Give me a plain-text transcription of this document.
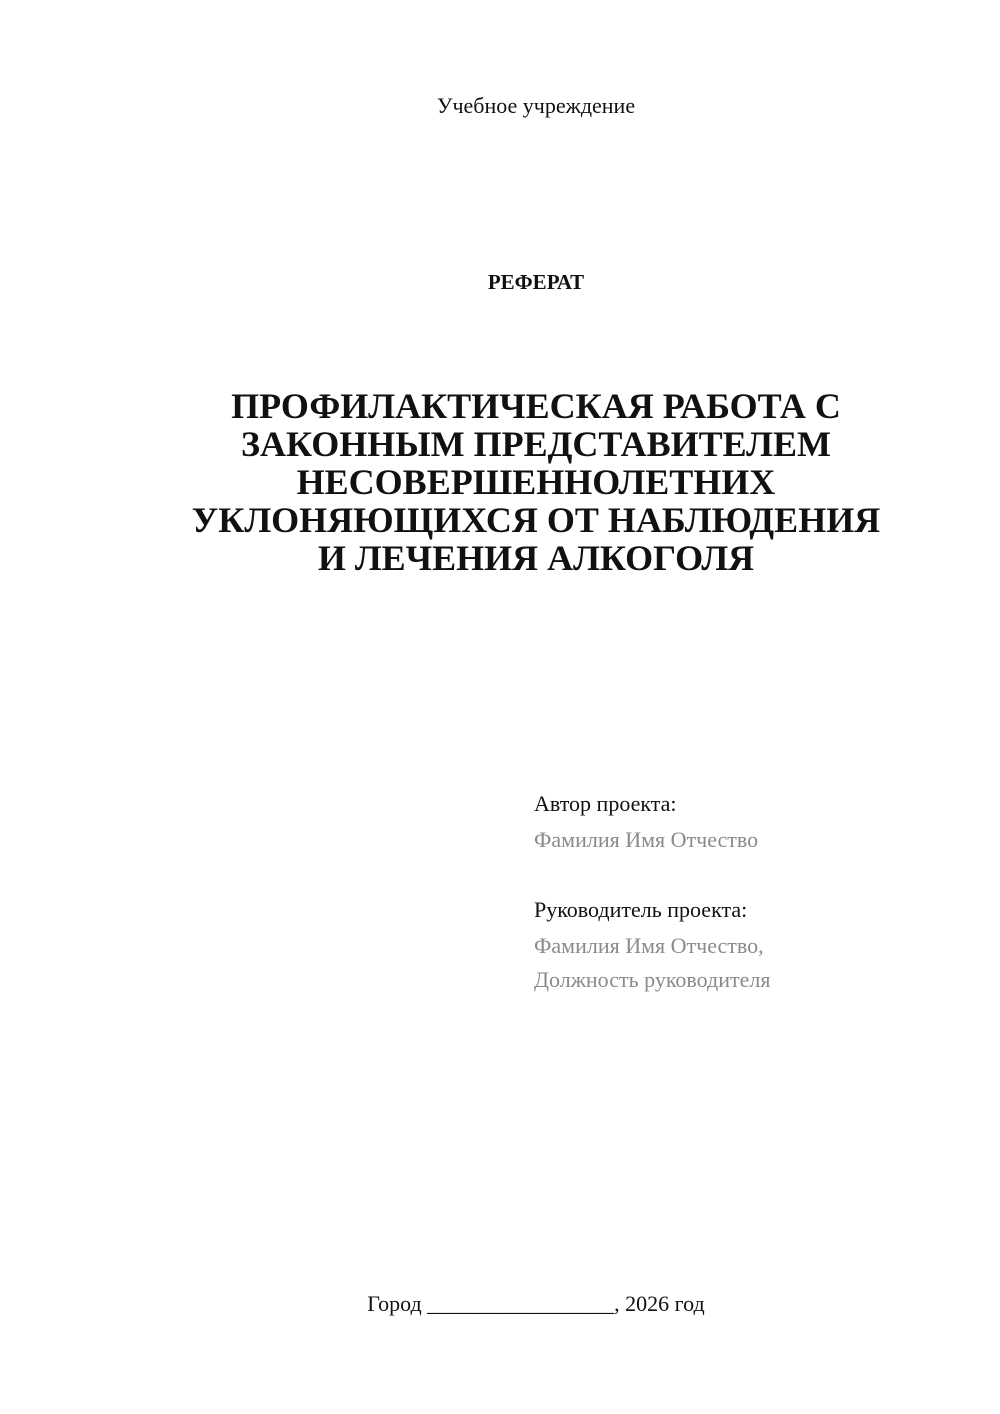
Учебное учреждение
РЕФЕРАТ
ПРОФИЛАКТИЧЕСКАЯ РАБОТА С
ЗАКОННЫМ ПРЕДСТАВИТЕЛЕМ
НЕСОВЕРШЕННОЛЕТНИХ
УКЛОНЯЮЩИХСЯ ОТ НАБЛЮДЕНИЯ
И ЛЕЧЕНИЯ АЛКОГОЛЯ
Автор проекта:
Фамилия Имя Отчество
Руководитель проекта:
Фамилия Имя Отчество,
Должность руководителя
Город _________________, 2026 год
